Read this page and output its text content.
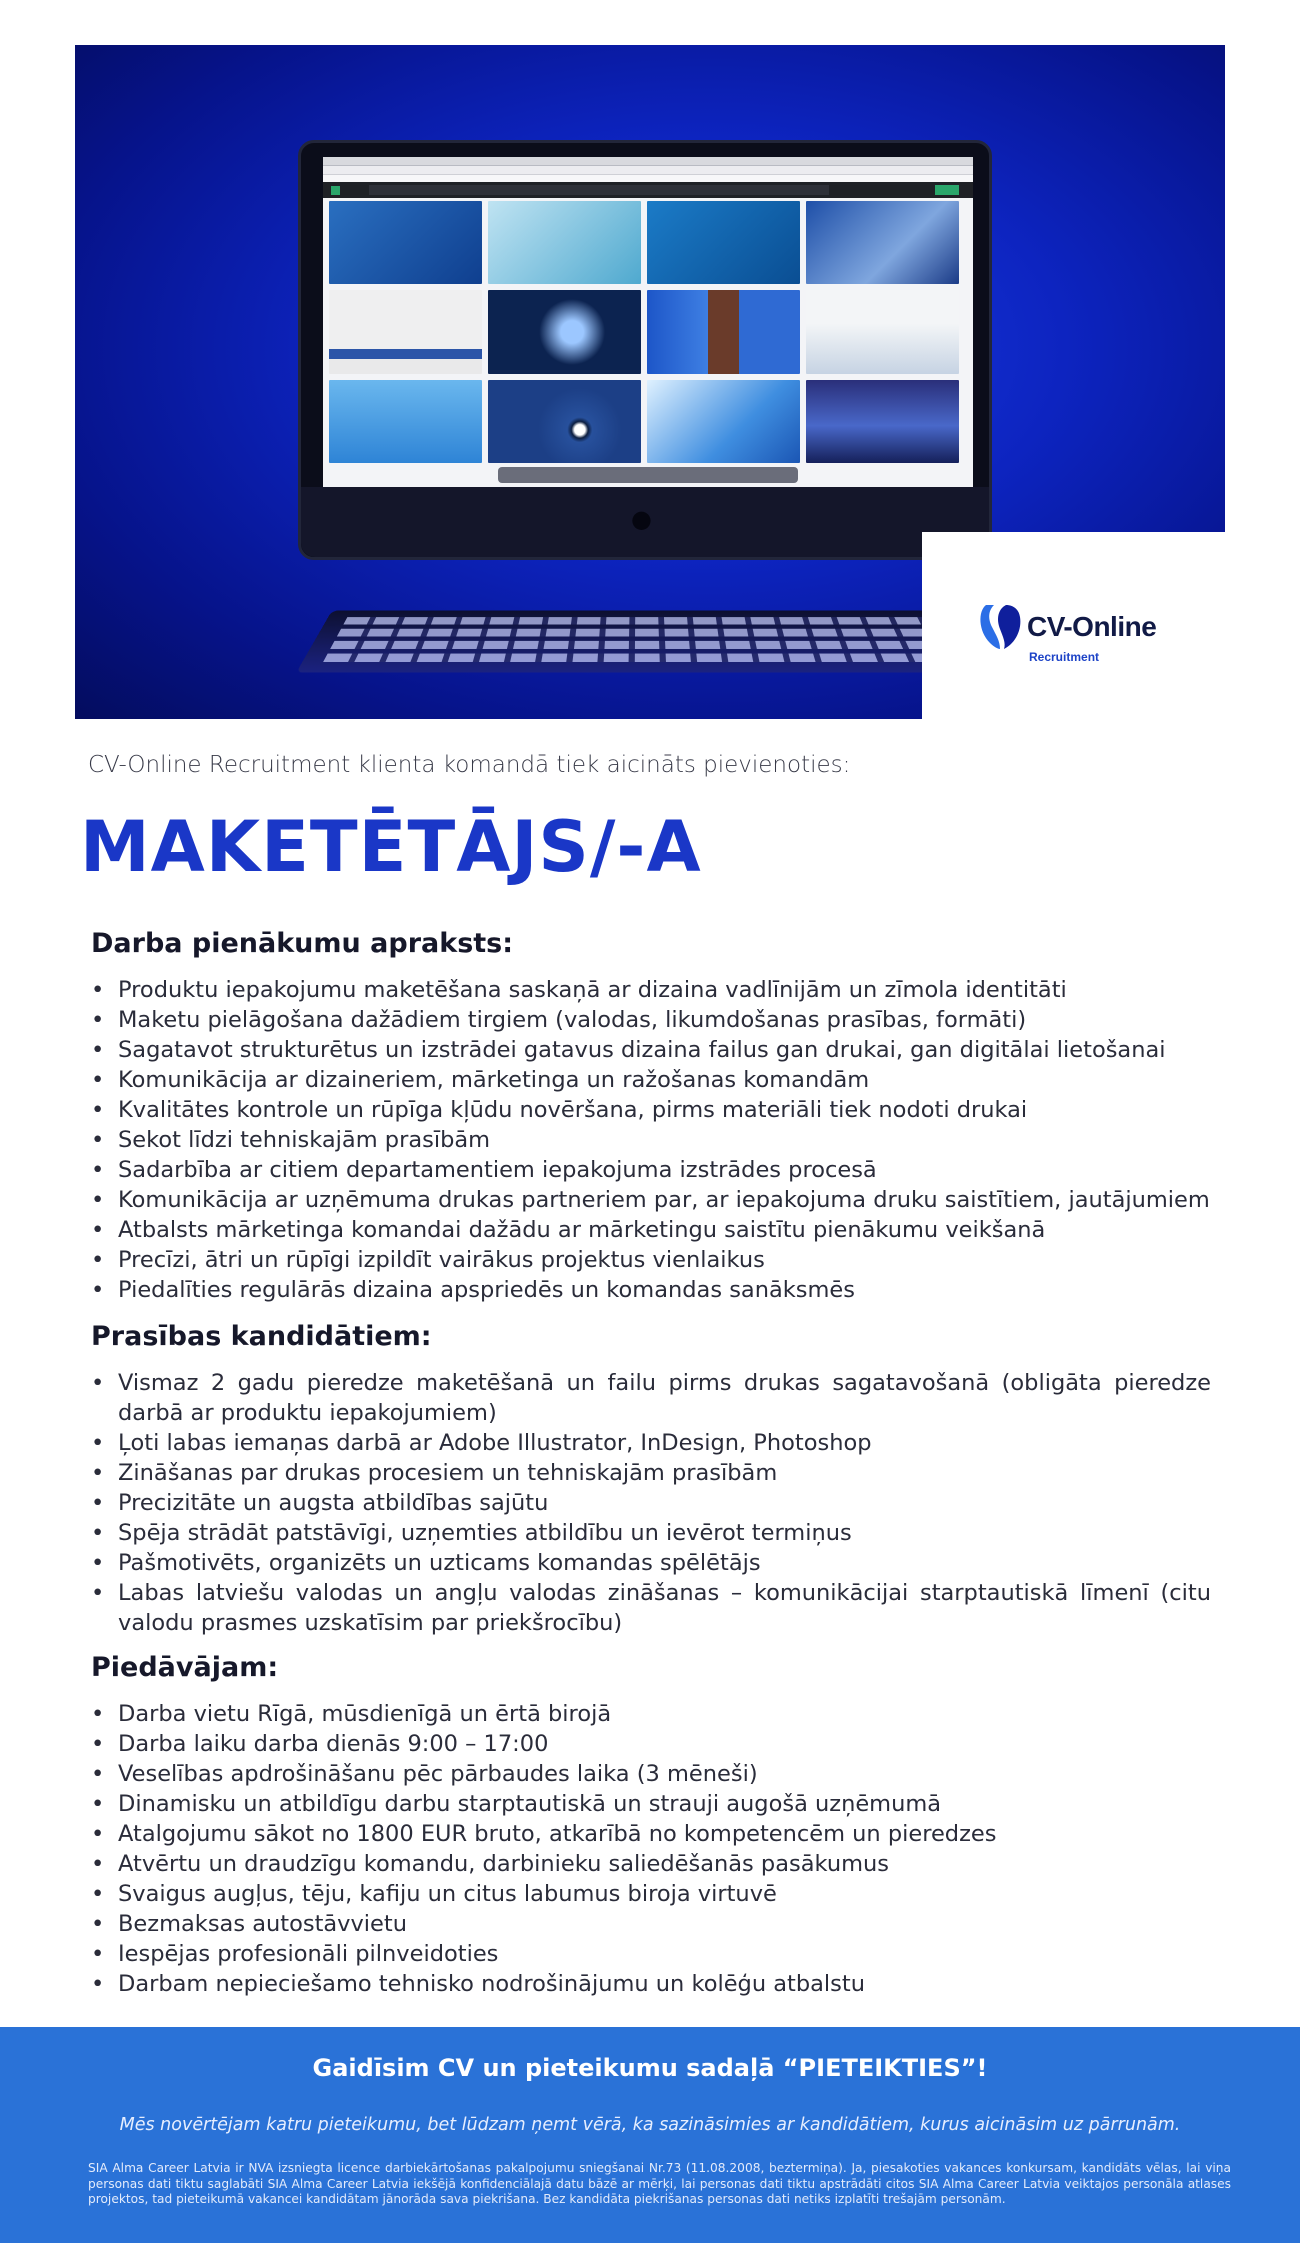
●
CV-Online
Recruitment
CV-Online Recruitment klienta komandā tiek aicināts pievienoties:
MAKETĒTĀJS/-A
Darba pienākumu apraksts:
• Produktu iepakojumu maketēšana saskaņā ar dizaina vadlīnijām un zīmola identitāti
• Maketu pielāgošana dažādiem tirgiem (valodas, likumdošanas prasības, formāti)
• Sagatavot strukturētus un izstrādei gatavus dizaina failus gan drukai, gan digitālai lietošanai
• Komunikācija ar dizaineriem, mārketinga un ražošanas komandām
• Kvalitātes kontrole un rūpīga kļūdu novēršana, pirms materiāli tiek nodoti drukai
• Sekot līdzi tehniskajām prasībām
• Sadarbība ar citiem departamentiem iepakojuma izstrādes procesā
• Komunikācija ar uzņēmuma drukas partneriem par, ar iepakojuma druku saistītiem, jautājumiem
• Atbalsts mārketinga komandai dažādu ar mārketingu saistītu pienākumu veikšanā
• Precīzi, ātri un rūpīgi izpildīt vairākus projektus vienlaikus
• Piedalīties regulārās dizaina apspriedēs un komandas sanāksmēs
Prasības kandidātiem:
• Vismaz 2 gadu pieredze maketēšanā un failu pirms drukas sagatavošanā (obligāta pieredze darbā ar produktu iepakojumiem)
• Ļoti labas iemaņas darbā ar Adobe Illustrator, InDesign, Photoshop
• Zināšanas par drukas procesiem un tehniskajām prasībām
• Precizitāte un augsta atbildības sajūtu
• Spēja strādāt patstāvīgi, uzņemties atbildību un ievērot termiņus
• Pašmotivēts, organizēts un uzticams komandas spēlētājs
• Labas latviešu valodas un angļu valodas zināšanas – komunikācijai starptautiskā līmenī (citu valodu prasmes uzskatīsim par priekšrocību)
Piedāvājam:
• Darba vietu Rīgā, mūsdienīgā un ērtā birojā
• Darba laiku darba dienās 9:00 – 17:00
• Veselības apdrošināšanu pēc pārbaudes laika (3 mēneši)
• Dinamisku un atbildīgu darbu starptautiskā un strauji augošā uzņēmumā
• Atalgojumu sākot no 1800 EUR bruto, atkarībā no kompetencēm un pieredzes
• Atvērtu un draudzīgu komandu, darbinieku saliedēšanās pasākumus
• Svaigus augļus, tēju, kafiju un citus labumus biroja virtuvē
• Bezmaksas autostāvvietu
• Iespējas profesionāli pilnveidoties
• Darbam nepieciešamo tehnisko nodrošinājumu un kolēģu atbalstu
Gaidīsim CV un pieteikumu sadaļā “PIETEIKTIES”!
Mēs novērtējam katru pieteikumu, bet lūdzam ņemt vērā, ka sazināsimies ar kandidātiem, kurus aicināsim uz pārrunām.
SIA Alma Career Latvia ir NVA izsniegta licence darbiekārtošanas pakalpojumu sniegšanai Nr.73 (11.08.2008, beztermiņa). Ja, piesakoties vakances konkursam, kandidāts vēlas, lai viņa personas dati tiktu saglabāti SIA Alma Career Latvia iekšējā konfidenciālajā datu bāzē ar mērķi, lai personas dati tiktu apstrādāti citos SIA Alma Career Latvia veiktajos personāla atlases projektos, tad pieteikumā vakancei kandidātam jānorāda sava piekrišana. Bez kandidāta piekrišanas personas dati netiks izplatīti trešajām personām.
